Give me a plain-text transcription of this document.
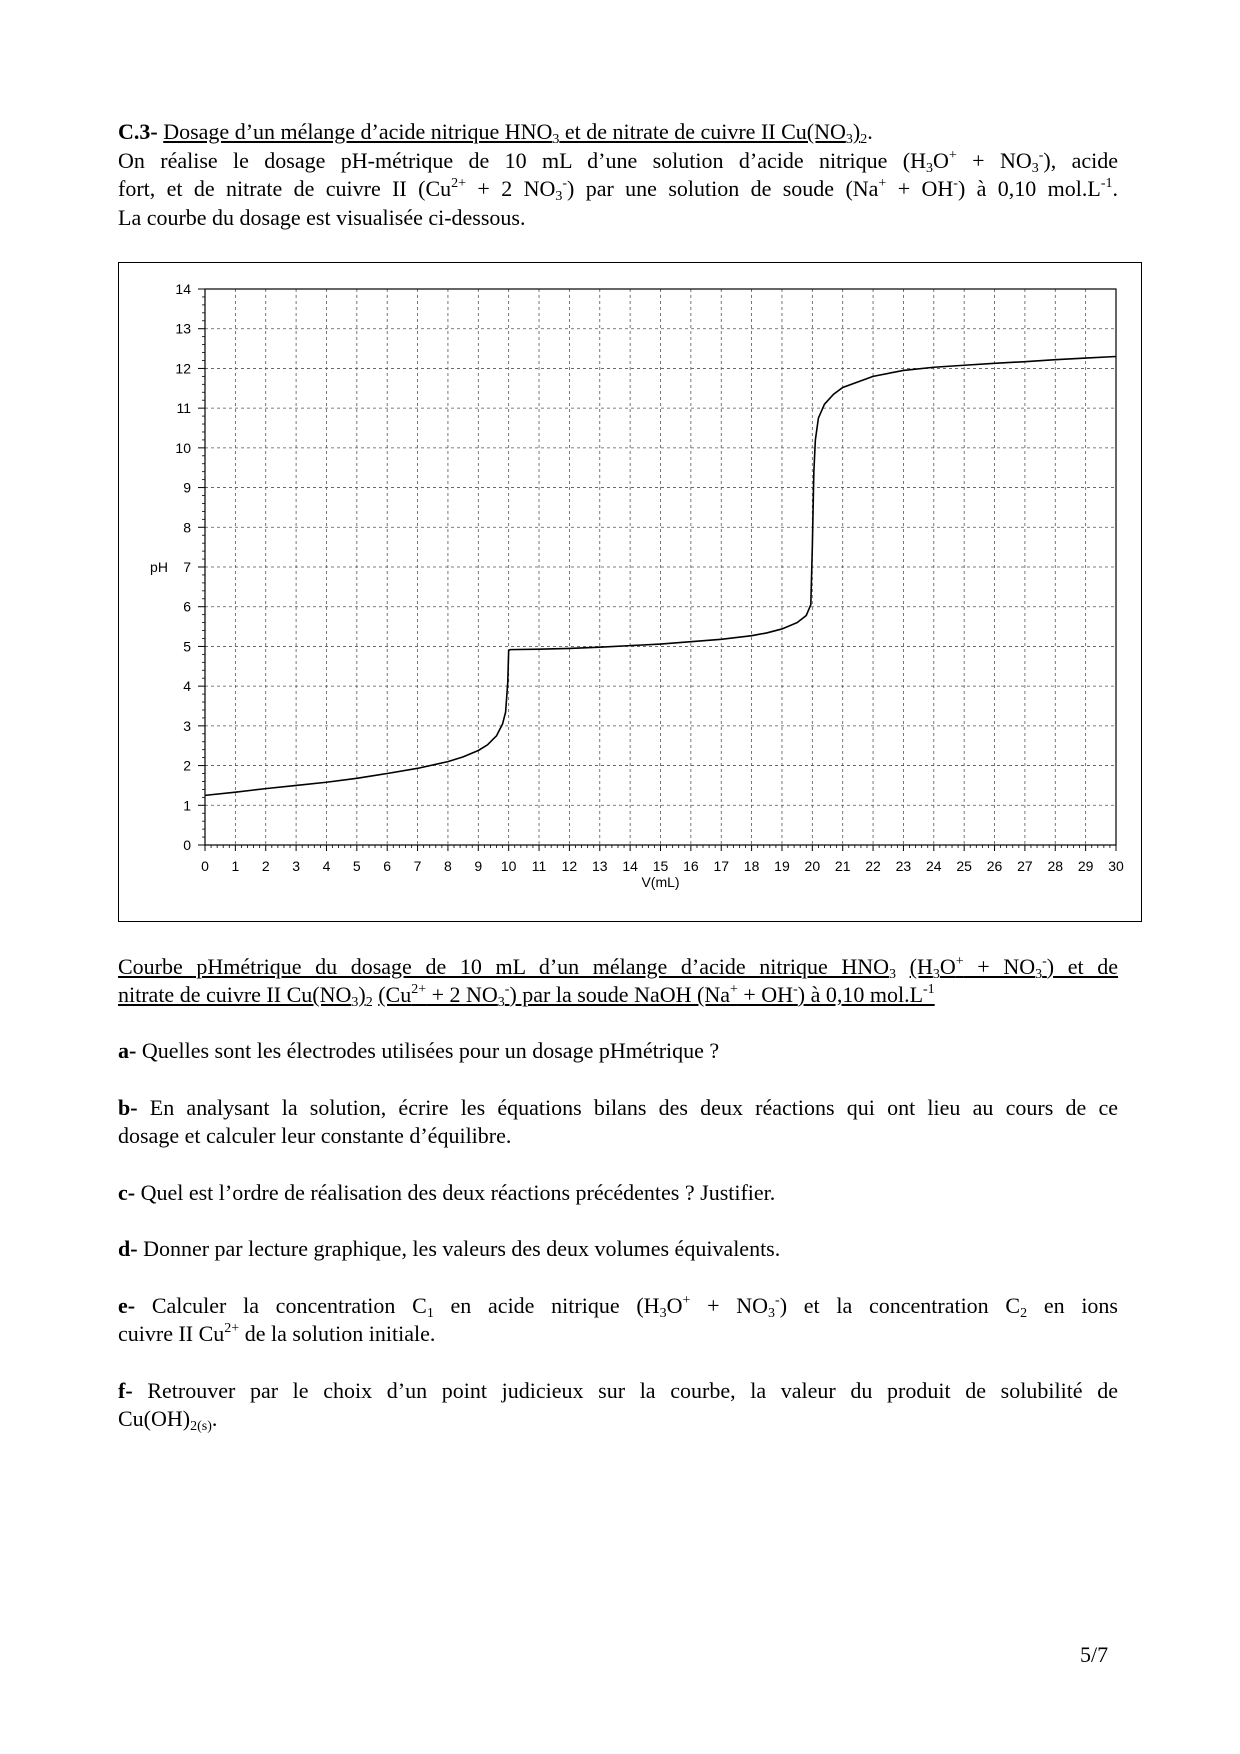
C.3- Dosage d’un mélange d’acide nitrique $HNO_3$ et de nitrate de cuivre II $Cu(NO_3)_2$.
On réalise le dosage pH-métrique de 10 mL d’une solution d’acide nitrique $(H_3O^+ + NO_3^-)$, acide
fort, et de nitrate de cuivre II ($Cu^{2+} + 2$ $NO_3^-$) par une solution de soude (Na+ + OH-) à 0,10 $mol.L^{-1}$.
La courbe du dosage est visualisée ci-dessous.
0
1
2
3
4
5
6
7
8
9
10
11
12
13
14
0 1 2 3 4 5 6 7 8 9 10 11 12 13 14 15 16 17 18 19 20 21 22 23 24 25 26 27 28 29 30
pH
V(mL)
Courbe pHmétrique du dosage de 10 mL d’un mélange d’acide nitrique $HNO_3$ $(H_3O^+ + NO_3^-)$ et de
nitrate de cuivre II $Cu(NO_3)_2$ ($Cu^{2+} + 2$ $NO_3^-$) par la soude NaOH (Na+ + OH-) à 0,10 $mol.L^{-1}$
a- Quelles sont les électrodes utilisées pour un dosage pHmétrique ?
b- En analysant la solution, écrire les équations bilans des deux réactions qui ont lieu au cours de ce
dosage et calculer leur constante d’équilibre.
c- Quel est l’ordre de réalisation des deux réactions précédentes ? Justifier.
d- Donner par lecture graphique, les valeurs des deux volumes équivalents.
e- Calculer la concentration $C_1$ en acide nitrique $(H_3O^+ + NO_3^-)$ et la concentration $C_2$ en ions
cuivre II $Cu^{2+}$ de la solution initiale.
f- Retrouver par le choix d’un point judicieux sur la courbe, la valeur du produit de solubilité de
$Cu(OH)_{2(s)}$.
5/7
